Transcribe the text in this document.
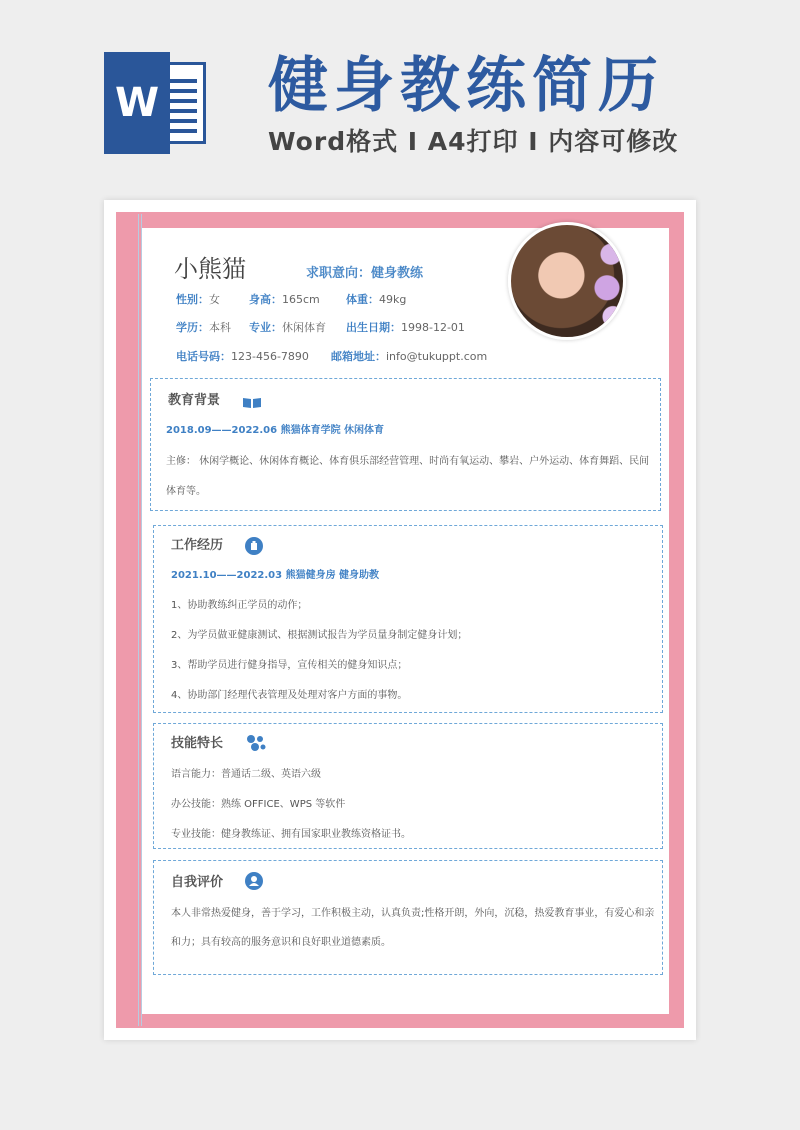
W 健身教练简历
Word格式 I A4打印 I 内容可修改
小熊猫	求职意向：健身教练
性别：女	身高：165cm 体重：49kg
学历：本科 专业：休闲体育 出生日期：1998-12-01
电话号码：123-456-7890 邮箱地址：info@tukuppt.com
教育背景
2018.09——2022.06 熊猫体育学院 休闲体育
主修： 休闲学概论、休闲体育概论、体育俱乐部经营管理、时尚有氧运动、攀岩、户外运动、体育舞蹈、民间
体育等。
工作经历
2021.10——2022.03 熊猫健身房 健身助教
1、协助教练纠正学员的动作；
2、为学员做亚健康测试、根据测试报告为学员量身制定健身计划；
3、帮助学员进行健身指导，宣传相关的健身知识点；
4、协助部门经理代表管理及处理对客户方面的事物。
技能特长
语言能力：普通话二级、英语六级
办公技能：熟练 OFFICE、WPS 等软件
专业技能：健身教练证、拥有国家职业教练资格证书。
自我评价
本人非常热爱健身，善于学习，工作积极主动，认真负责;性格开朗，外向，沉稳，热爱教育事业，有爱心和亲
和力；具有较高的服务意识和良好职业道德素质。
